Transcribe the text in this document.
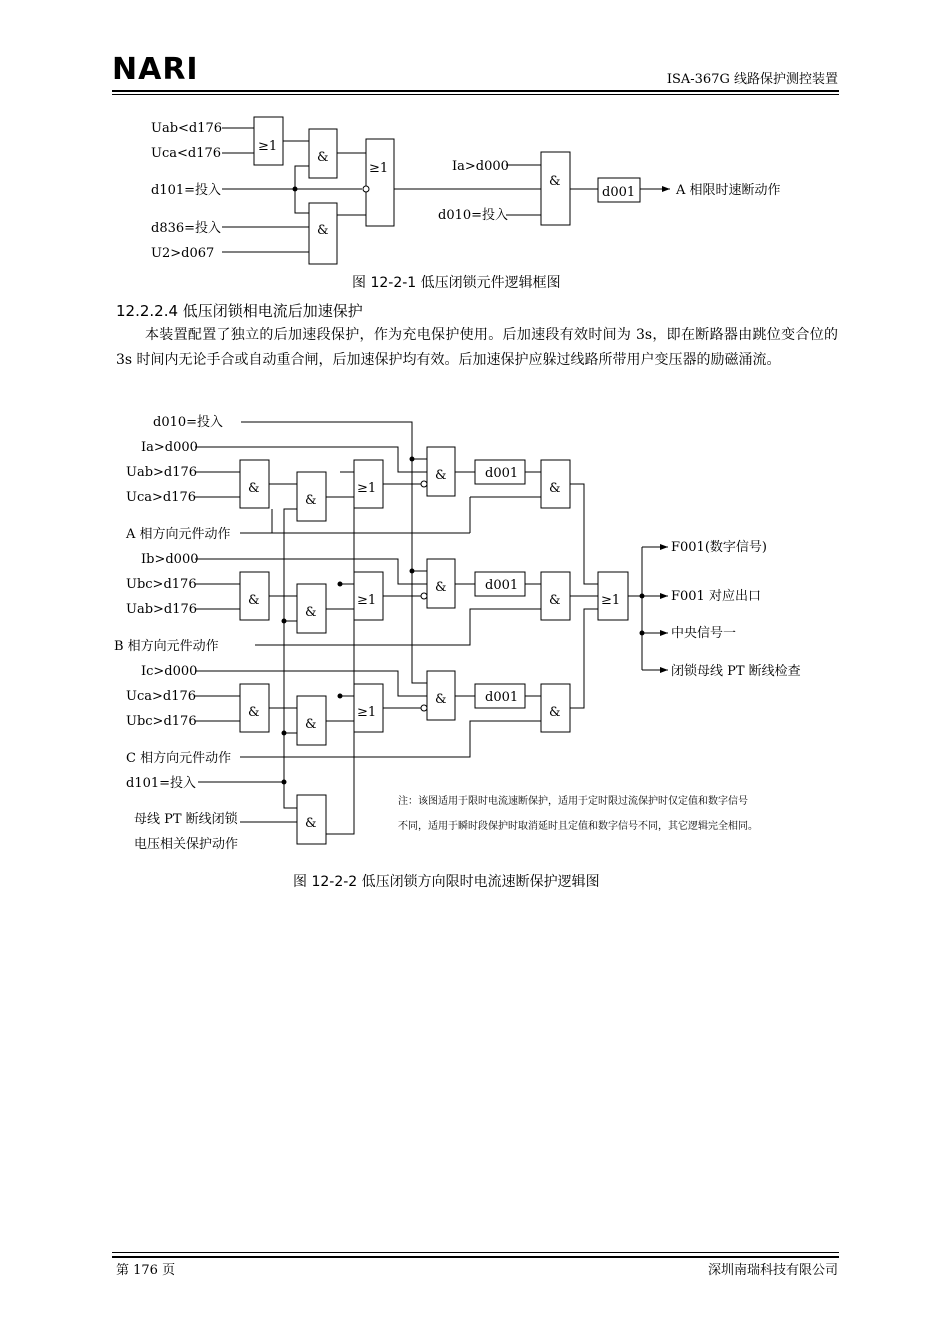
NARI	ISA-367G 线路保护测控装置
12.2.2.4 低压闭锁相电流后加速保护
本装置配置了独立的后加速段保护，作为充电保护使用。后加速段有效时间为 3s，即在断路器由跳位变合位的 3s 时间内无论手合或自动重合闸，后加速保护均有效。后加速保护应躲过线路所带用户变压器的励磁涌流。
Uab<d176
Uca<d176
d101=投入
d836=投入
U2>d067
Ia>d000
d010=投入
≥1
&
&
≥1
&
d001	A 相限时速断动作
图 12-2-1 低压闭锁元件逻辑框图
d010=投入
Ia>d000
Uab>d176
Uca>d176
A 相方向元件动作
Ib>d000
Ubc>d176
Uab>d176
B 相方向元件动作
Ic>d000
Uca>d176
Ubc>d176
C 相方向元件动作
d101=投入
母线 PT 断线闭锁
电压相关保护动作
&
&
≥1
&	d001
&
&
&
≥1
&	d001
&
&
&
≥1
&	d001
&
&
≥1
F001(数字信号)
F001 对应出口
中央信号一
闭锁母线 PT 断线检查
注：该图适用于限时电流速断保护，适用于定时限过流保护时仅定值和数字信号
不同，适用于瞬时段保护时取消延时且定值和数字信号不同，其它逻辑完全相同。
图 12-2-2 低压闭锁方向限时电流速断保护逻辑图
第 176 页	深圳南瑞科技有限公司
